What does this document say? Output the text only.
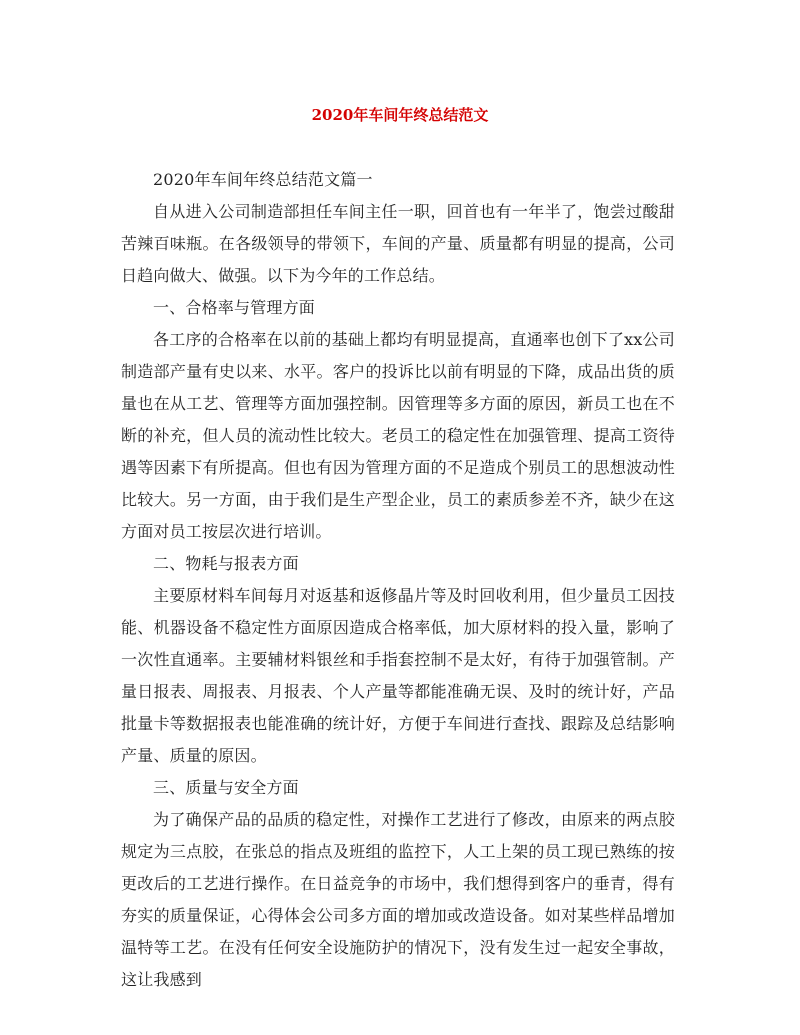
2020年车间年终总结范文

2020年车间年终总结范文篇一

自从进入公司制造部担任车间主任一职，回首也有一年半了，饱尝过酸甜苦辣百味瓶。在各级领导的带领下，车间的产量、质量都有明显的提高，公司日趋向做大、做强。以下为今年的工作总结。

一、合格率与管理方面

各工序的合格率在以前的基础上都均有明显提高，直通率也创下了xx公司制造部产量有史以来、水平。客户的投诉比以前有明显的下降，成品出货的质量也在从工艺、管理等方面加强控制。因管理等多方面的原因，新员工也在不断的补充，但人员的流动性比较大。老员工的稳定性在加强管理、提高工资待遇等因素下有所提高。但也有因为管理方面的不足造成个别员工的思想波动性比较大。另一方面，由于我们是生产型企业，员工的素质参差不齐，缺少在这方面对员工按层次进行培训。

二、物耗与报表方面

主要原材料车间每月对返基和返修晶片等及时回收利用，但少量员工因技能、机器设备不稳定性方面原因造成合格率低，加大原材料的投入量，影响了一次性直通率。主要辅材料银丝和手指套控制不是太好，有待于加强管制。产量日报表、周报表、月报表、个人产量等都能准确无误、及时的统计好，产品批量卡等数据报表也能准确的统计好，方便于车间进行查找、跟踪及总结影响产量、质量的原因。

三、质量与安全方面

为了确保产品的品质的稳定性，对操作工艺进行了修改，由原来的两点胶规定为三点胶，在张总的指点及班组的监控下，人工上架的员工现已熟练的按更改后的工艺进行操作。在日益竞争的市场中，我们想得到客户的垂青，得有夯实的质量保证，心得体会公司多方面的增加或改造设备。如对某些样品增加温特等工艺。在没有任何安全设施防护的情况下，没有发生过一起安全事故，这让我感到
